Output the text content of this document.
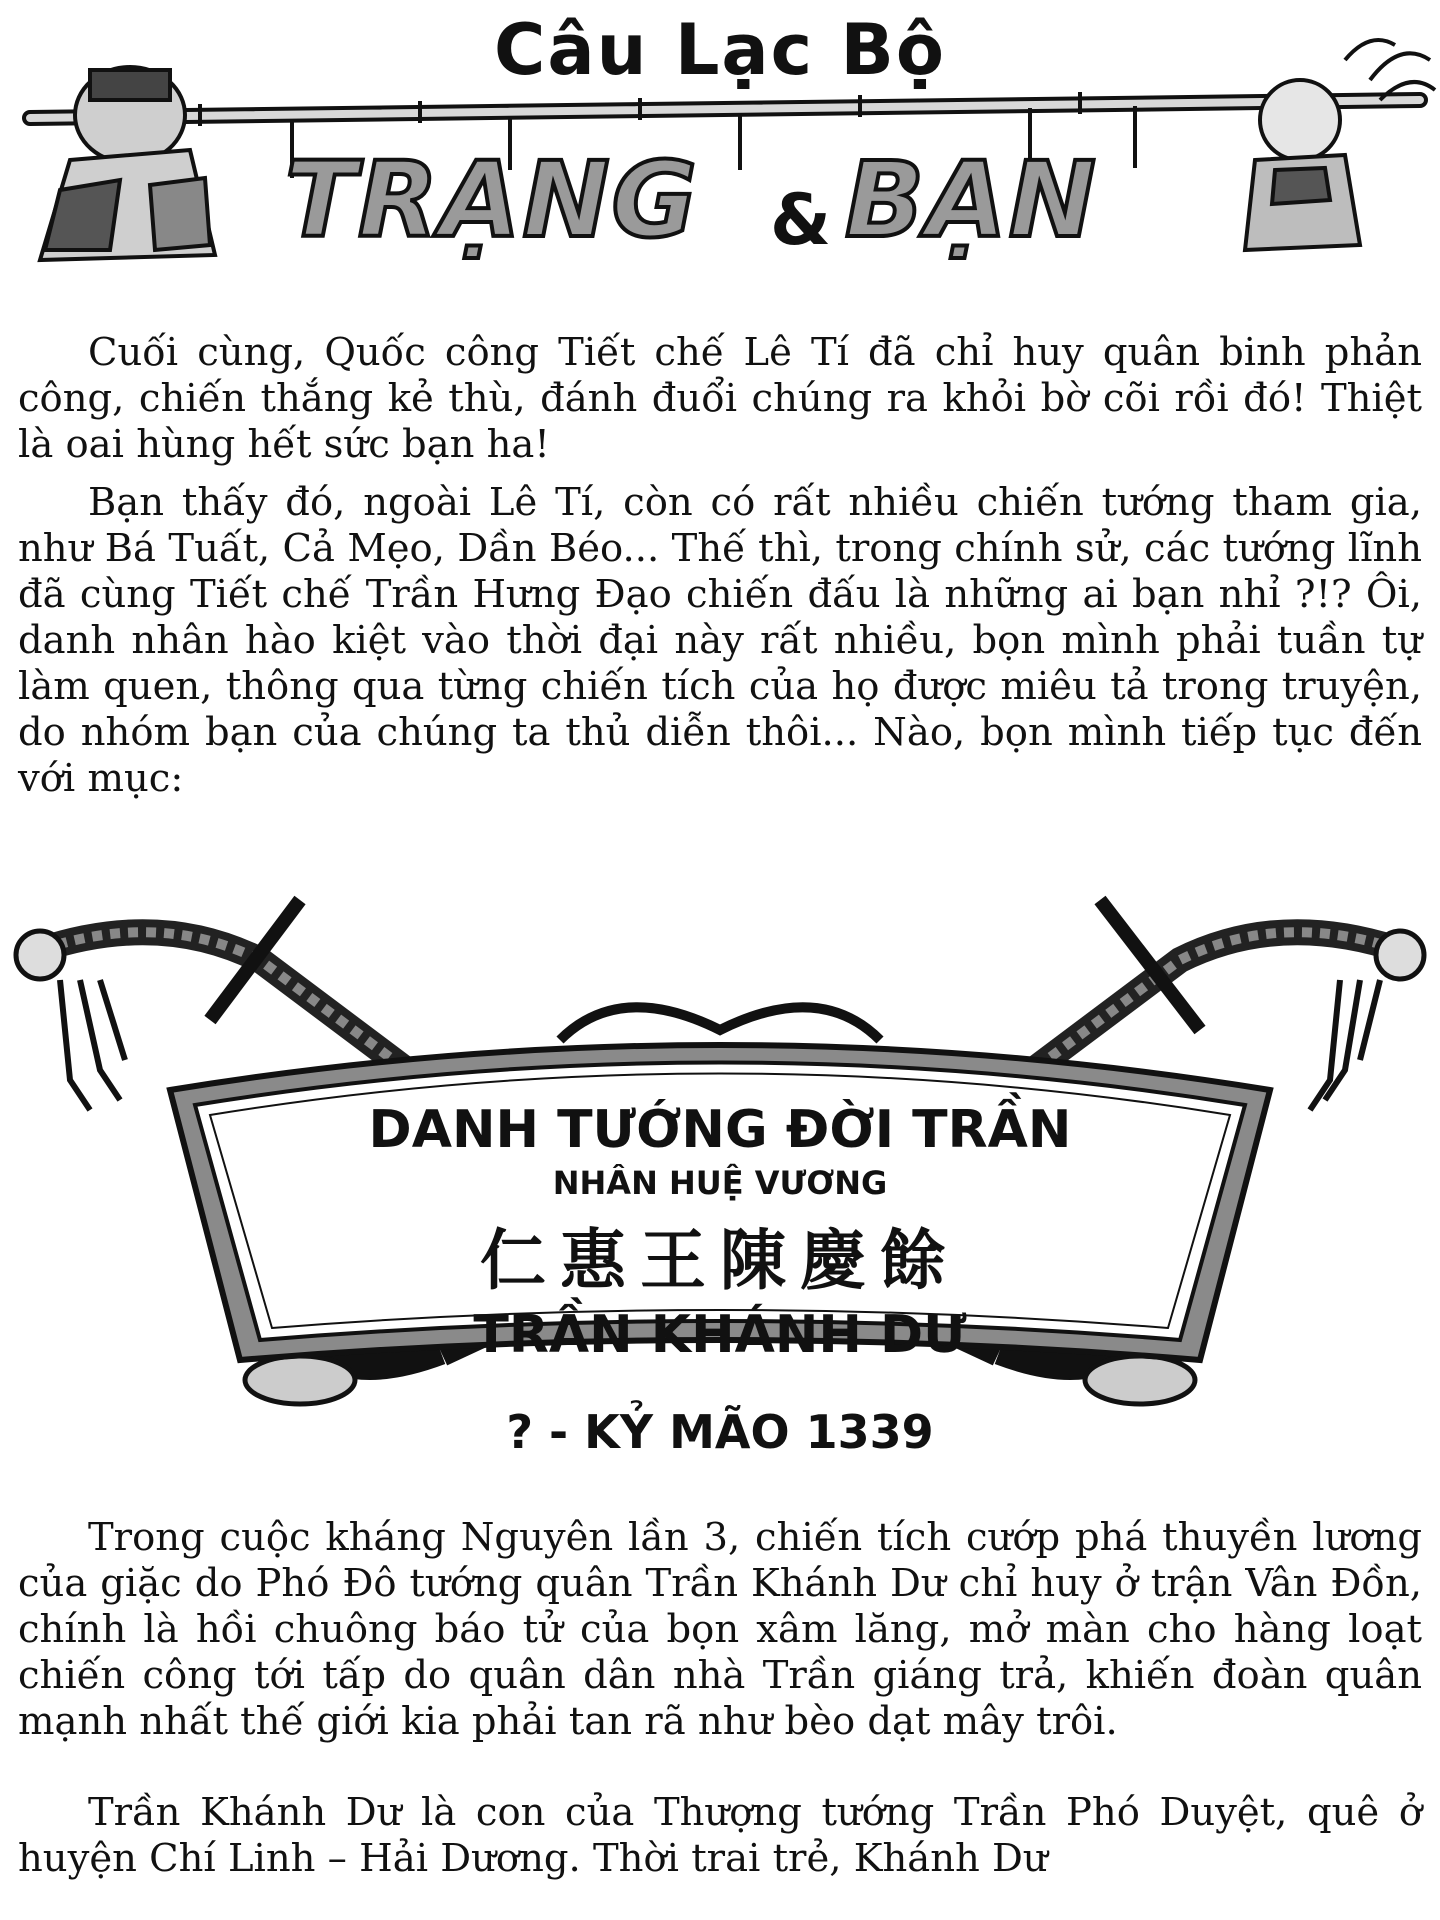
Câu Lạc Bộ
TRẠNG & BẠN

Cuối cùng, Quốc công Tiết chế Lê Tí đã chỉ huy quân binh phản công, chiến thắng kẻ thù, đánh đuổi chúng ra khỏi bờ cõi rồi đó! Thiệt là oai hùng hết sức bạn ha!

Bạn thấy đó, ngoài Lê Tí, còn có rất nhiều chiến tướng tham gia, như Bá Tuất, Cả Mẹo, Dần Béo... Thế thì, trong chính sử, các tướng lĩnh đã cùng Tiết chế Trần Hưng Đạo chiến đấu là những ai bạn nhỉ ?!? Ôi, danh nhân hào kiệt vào thời đại này rất nhiều, bọn mình phải tuần tự làm quen, thông qua từng chiến tích của họ được miêu tả trong truyện, do nhóm bạn của chúng ta thủ diễn thôi... Nào, bọn mình tiếp tục đến với mục:

DANH TƯỚNG ĐỜI TRẦN
NHÂN HUỆ VƯƠNG
仁惠王陳慶餘
TRẦN KHÁNH DƯ
? - KỶ MÃO 1339

Trong cuộc kháng Nguyên lần 3, chiến tích cướp phá thuyền lương của giặc do Phó Đô tướng quân Trần Khánh Dư chỉ huy ở trận Vân Đồn, chính là hồi chuông báo tử của bọn xâm lăng, mở màn cho hàng loạt chiến công tới tấp do quân dân nhà Trần giáng trả, khiến đoàn quân mạnh nhất thế giới kia phải tan rã như bèo dạt mây trôi.

Trần Khánh Dư là con của Thượng tướng Trần Phó Duyệt, quê ở huyện Chí Linh – Hải Dương. Thời trai trẻ, Khánh Dư
